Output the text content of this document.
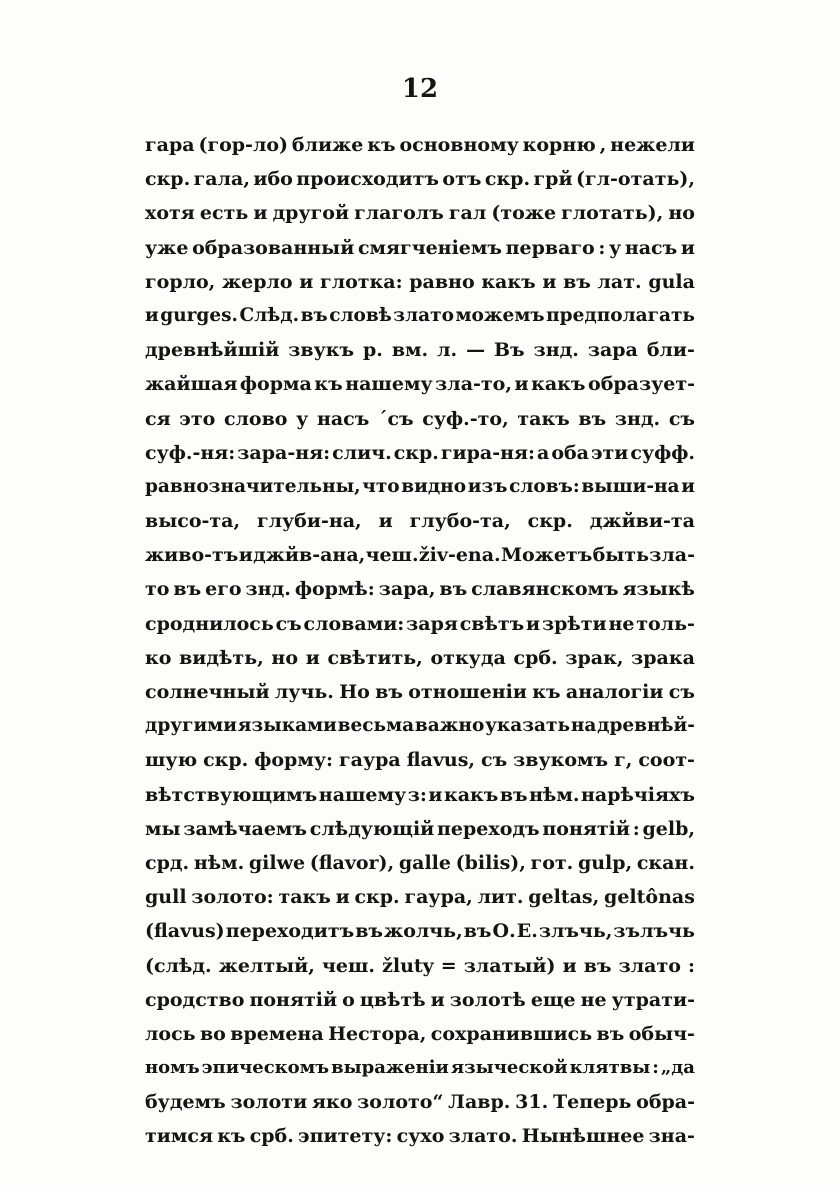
12
гара (гор-ло) ближе къ основному корню , нежели
скр. гала, ибо происходитъ отъ скр. грй (гл-отать),
хотя есть и другой глаголъ гал (тоже глотать), но
уже образованный смягченіемъ перваго : у насъ и
горло, жерло и глотка: равно какъ и въ лат. gula
и gurges. Слѣд. въ словѣ злато можемъ предполагать
древнѣйшій звукъ р. вм. л. — Въ знд. зара бли-
жайшая форма къ нашему зла-то, и какъ образует-
ся это слово у насъ ´съ суф.-то, такъ въ знд. съ
суф.-ня: зара-ня: слич. скр. гира-ня: а оба эти суфф.
равнозначительны, что видно изъ словъ: выши-на и
высо-та, глуби-на, и глубо-та, скр. джйви-та
живо-тъ и джйв-ана, чеш. živ-ena. Можетъ быть зла-
то въ его знд. формѣ: зара, въ славянскомъ языкѣ
сроднилось съ словами: заря свѣтъ и зрѣти не толь-
ко видѣть, но и свѣтить, откуда срб. зрак, зрака
солнечный лучь. Но въ отношеніи къ аналогіи съ
другими языками весьма важно указать на древнѣй-
шую скр. форму: гаура flavus, съ звукомъ г, соот-
вѣтствующимъ нашему з: и какъ въ нѣм. нарѣчіяхъ
мы замѣчаемъ слѣдующій переходъ понятій : gelb,
срд. нѣм. gilwe (flavor), galle (bilis), гот. gulp, скан.
gull золото: такъ и скр. гаура, лит. geltas, geltônas
(flavus) переходитъ въ жолчь, въ О. Е. злъчь, зълъчь
(слѣд. желтый, чеш. žluty = златый) и въ злато :
сродство понятій о цвѣтѣ и золотѣ еще не утрати-
лось во времена Нестора, сохранившись въ обыч-
номъ эпическомъ выраженіи языческой клятвы : „да
будемъ золоти яко золото“ Лавр. 31. Теперь обра-
тимся къ срб. эпитету: сухо злато. Нынѣшнее зна-
